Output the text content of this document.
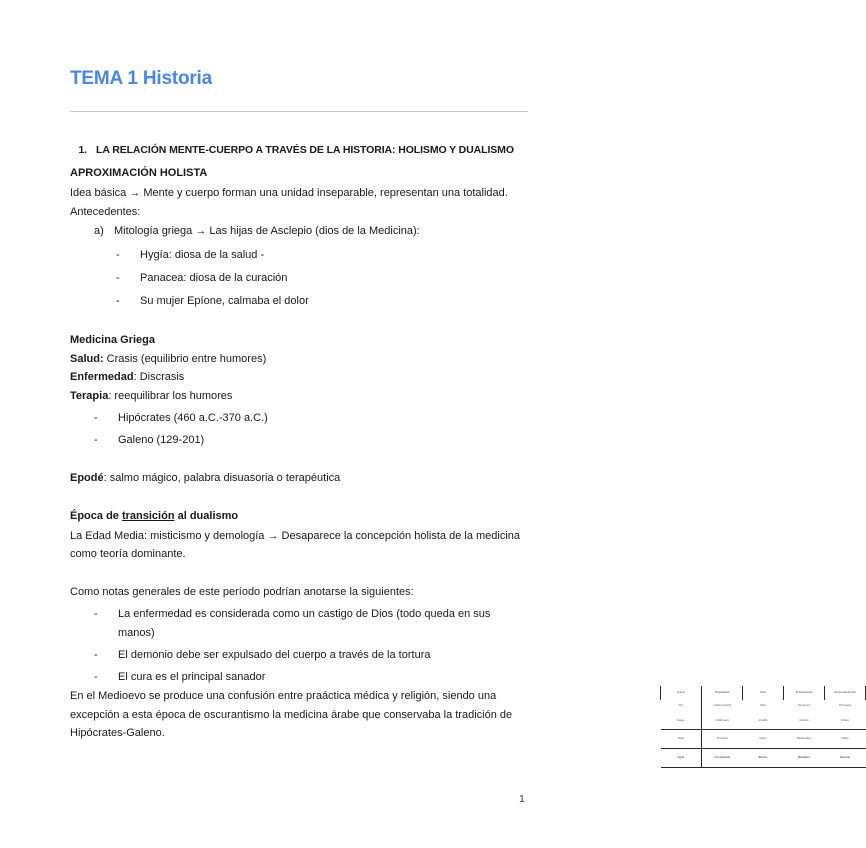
TEMA 1 Historia
1. LA RELACIÓN MENTE-CUERPO A TRAVÉS DE LA HISTORIA: HOLISMO Y DUALISMO
APROXIMACIÓN HOLISTA
Idea básica → Mente y cuerpo forman una unidad inseparable, representan una totalidad.
Antecedentes:
a) Mitología griega → Las hijas de Asclepio (dios de la Medicina):
-	Hygía: diosa de la salud -
-	Panacea: diosa de la curación
-	Su mujer Epíone, calmaba el dolor
Medicina Griega
Salud: Crasis (equilibrio entre humores)
Enfermedad: Discrasis
Terapia: reequilibrar los humores
-	Hipócrates (460 a.C.-370 a.C.)
-	Galeno (129-201)
Epodé: salmo mágico, palabra disuasoria o terapéutica
Época de transición al dualismo
La Edad Media: misticismo y demología → Desaparece la concepción holista de la medicina como teoría dominante.
Como notas generales de este período podrían anotarse la siguientes:
-	La enfermedad es considerada como un castigo de Dios (todo queda en sus manos)
-	El demonio debe ser expulsado del cuerpo a través de la tortura
-	El cura es el principal sanador
En el Medioevo se produce una confusión entre praáctica médica y religión, siendo una excepción a esta época de oscurantismo la medicina árabe que conservaba la tradición de Hipócrates-Galeno.
Humor	Propiedades	Color	Temperamento	Temporada del año
Aire	Cálido-húmedo	Rojo	Sanguíneo	Primavera
Fuego	Cálido-seco	Amarillo	Colérico	Verano
Tierra	Frío-seco	Negro	Melancólico	Otoño
Agua	Frío-húmedo	Blanco	Flemático	Invierno
1
